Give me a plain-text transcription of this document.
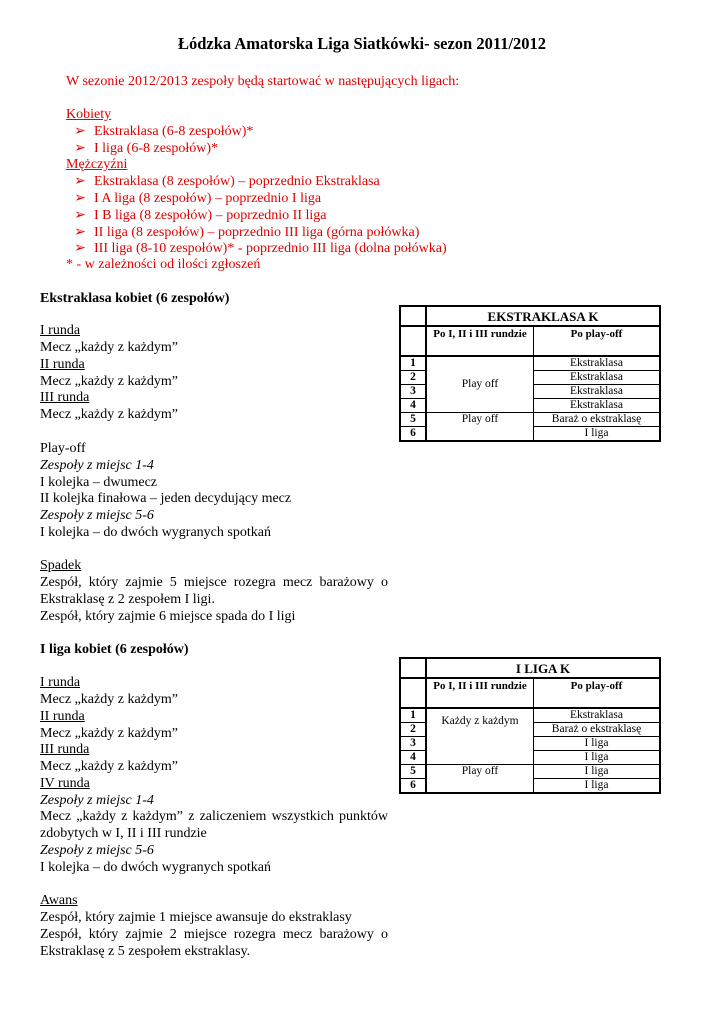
Łódzka Amatorska Liga Siatkówki- sezon 2011/2012
W sezonie 2012/2013 zespoły będą startować w następujących ligach:
Kobiety
➢ Ekstraklasa (6-8 zespołów)*
➢ I liga (6-8 zespołów)*
Mężczyźni
➢ Ekstraklasa (8 zespołów) – poprzednio Ekstraklasa
➢ I A liga (8 zespołów) – poprzednio I liga
➢ I B liga (8 zespołów) – poprzednio II liga
➢ II liga (8 zespołów) – poprzednio III liga (górna połówka)
➢ III liga (8-10 zespołów)* - poprzednio III liga (dolna połówka)
* - w zależności od ilości zgłoszeń
Ekstraklasa kobiet (6 zespołów)
I runda
Mecz „każdy z każdym”
II runda
Mecz „każdy z każdym”
III runda
Mecz „każdy z każdym”
Play-off
Zespoły z miejsc 1-4
I kolejka – dwumecz
II kolejka finałowa – jeden decydujący mecz
Zespoły z miejsc 5-6
I kolejka – do dwóch wygranych spotkań
Spadek
Zespół, który zajmie 5 miejsce rozegra mecz barażowy o Ekstraklasę z 2 zespołem I ligi.
Zespół, który zajmie 6 miejsce spada do I ligi
	EKSTRAKLASA K	
	Po I, II i III rundzie	Po play-off
1	Play off	Ekstraklasa
2		Ekstraklasa
3		Ekstraklasa
4		Ekstraklasa
5	Play off	Baraż o ekstraklasę
6		I liga
I liga kobiet (6 zespołów)
I runda
Mecz „każdy z każdym”
II runda
Mecz „każdy z każdym”
III runda
Mecz „każdy z każdym”
IV runda
Zespoły z miejsc 1-4
Mecz „każdy z każdym” z zaliczeniem wszystkich punktów zdobytych w I, II i III rundzie
Zespoły z miejsc 5-6
I kolejka – do dwóch wygranych spotkań
Awans
Zespół, który zajmie 1 miejsce awansuje do ekstraklasy
Zespół, który zajmie 2 miejsce rozegra mecz barażowy o Ekstraklasę z 5 zespołem ekstraklasy.
	I LIGA K	
	Po I, II i III rundzie	Po play-off
1	Każdy z każdym	Ekstraklasa
2		Baraż o ekstraklasę
3		I liga
4		I liga
5	Play off	I liga
6		I liga
